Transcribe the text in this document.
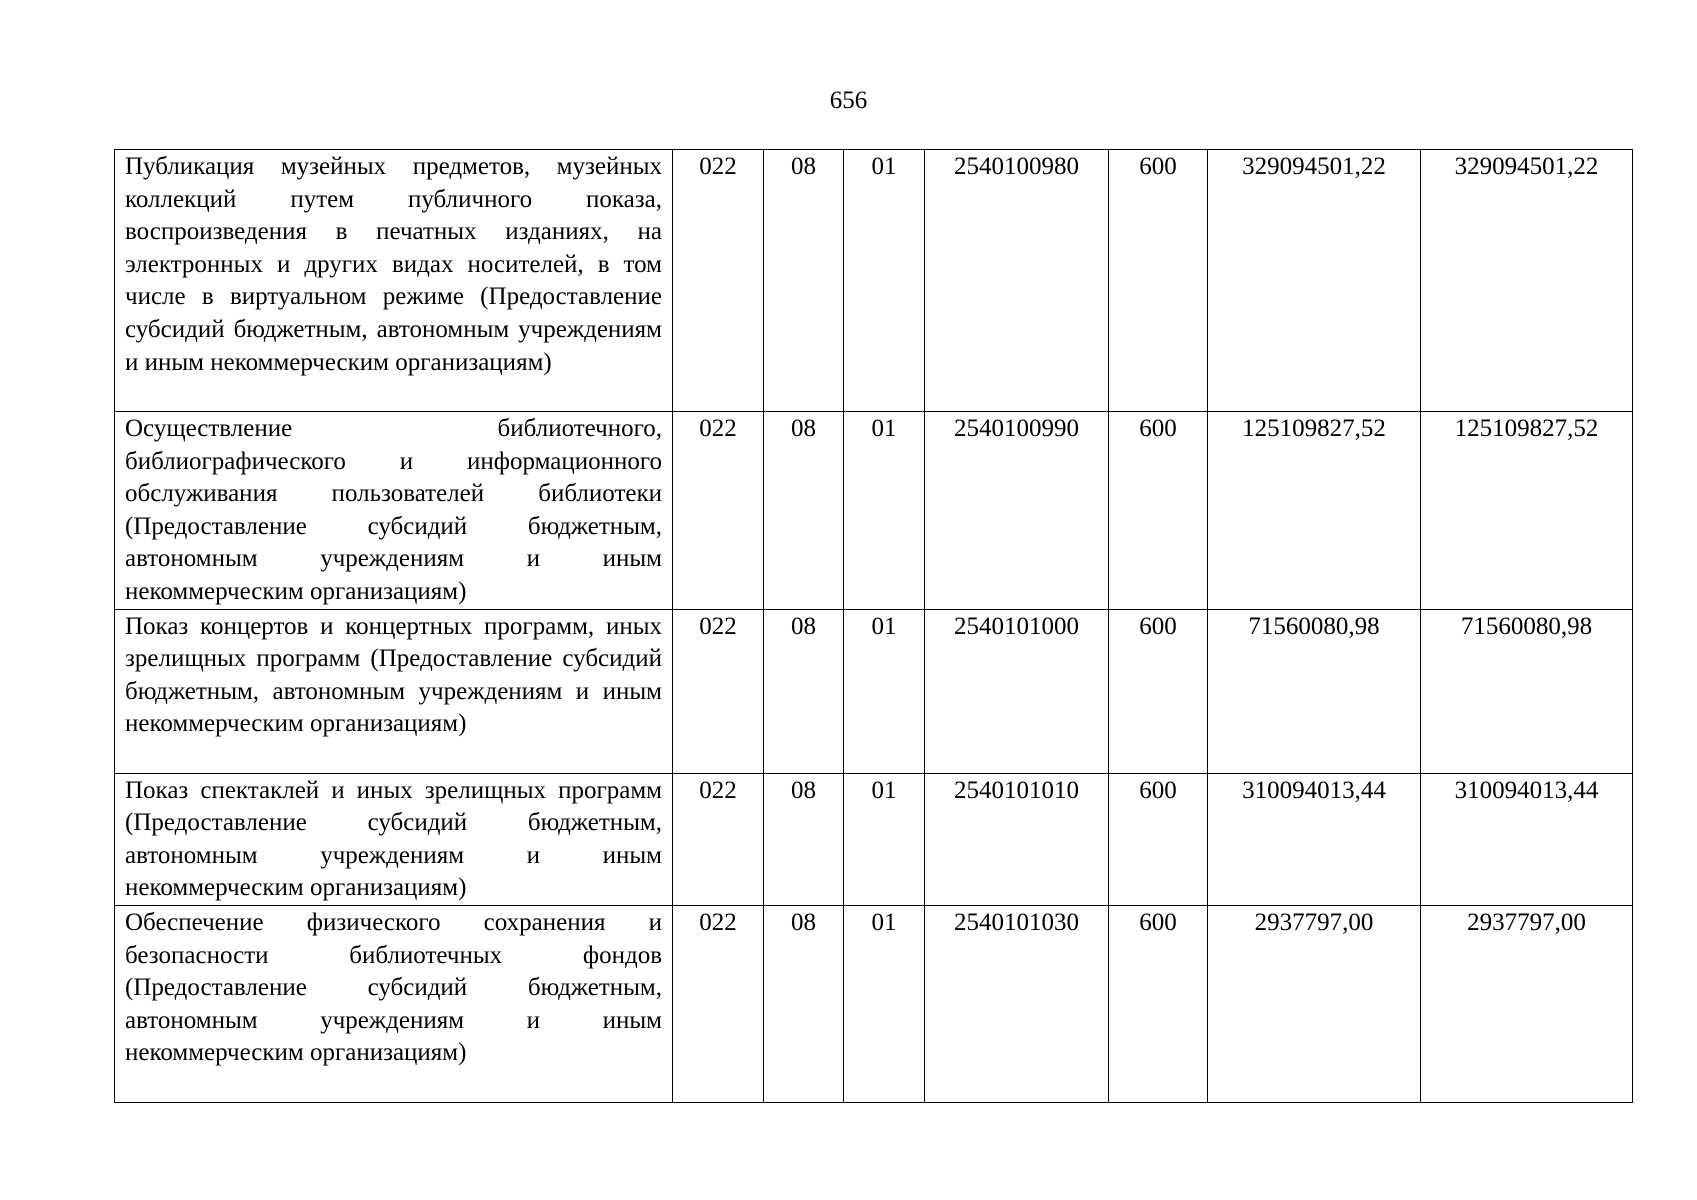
656
Публикация музейных предметов, музейных коллекций путем публичного показа, воспроизведения в печатных изданиях, на электронных и других видах носителей, в том числе в виртуальном режиме (Предоставление субсидий бюджетным, автономным учреждениям и иным некоммерческим организациям)	022	08	01	2540100980	600	329094501,22	329094501,22
Осуществление библиотечного, библиографического и информационного обслуживания пользователей библиотеки (Предоставление субсидий бюджетным, автономным учреждениям и иным некоммерческим организациям)	022	08	01	2540100990	600	125109827,52	125109827,52
Показ концертов и концертных программ, иных зрелищных программ (Предоставление субсидий бюджетным, автономным учреждениям и иным некоммерческим организациям)	022	08	01	2540101000	600	71560080,98	71560080,98
Показ спектаклей и иных зрелищных программ (Предоставление субсидий бюджетным, автономным учреждениям и иным некоммерческим организациям)	022	08	01	2540101010	600	310094013,44	310094013,44
Обеспечение физического сохранения и безопасности библиотечных фондов (Предоставление субсидий бюджетным, автономным учреждениям и иным некоммерческим организациям)	022	08	01	2540101030	600	2937797,00	2937797,00
